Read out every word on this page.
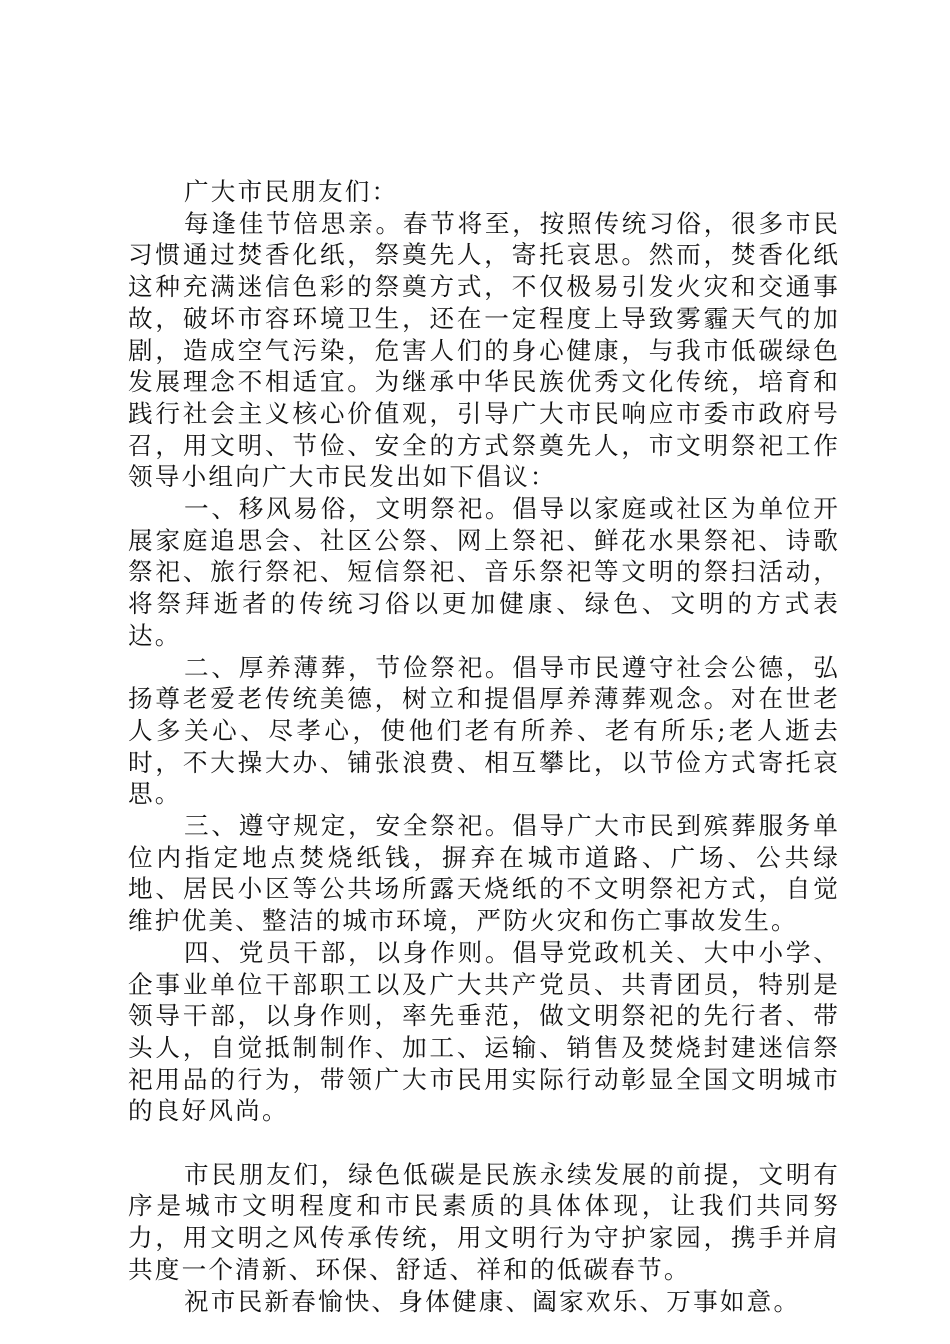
广大市民朋友们：

每逢佳节倍思亲。春节将至，按照传统习俗，很多市民习惯通过焚香化纸，祭奠先人，寄托哀思。然而，焚香化纸这种充满迷信色彩的祭奠方式，不仅极易引发火灾和交通事故，破坏市容环境卫生，还在一定程度上导致雾霾天气的加剧，造成空气污染，危害人们的身心健康，与我市低碳绿色发展理念不相适宜。为继承中华民族优秀文化传统，培育和践行社会主义核心价值观，引导广大市民响应市委市政府号召，用文明、节俭、安全的方式祭奠先人，市文明祭祀工作领导小组向广大市民发出如下倡议：

一、移风易俗，文明祭祀。倡导以家庭或社区为单位开展家庭追思会、社区公祭、网上祭祀、鲜花水果祭祀、诗歌祭祀、旅行祭祀、短信祭祀、音乐祭祀等文明的祭扫活动，将祭拜逝者的传统习俗以更加健康、绿色、文明的方式表达。

二、厚养薄葬，节俭祭祀。倡导市民遵守社会公德，弘扬尊老爱老传统美德，树立和提倡厚养薄葬观念。对在世老人多关心、尽孝心，使他们老有所养、老有所乐;老人逝去时，不大操大办、铺张浪费、相互攀比，以节俭方式寄托哀思。

三、遵守规定，安全祭祀。倡导广大市民到殡葬服务单位内指定地点焚烧纸钱，摒弃在城市道路、广场、公共绿地、居民小区等公共场所露天烧纸的不文明祭祀方式，自觉维护优美、整洁的城市环境，严防火灾和伤亡事故发生。

四、党员干部，以身作则。倡导党政机关、大中小学、企事业单位干部职工以及广大共产党员、共青团员，特别是领导干部，以身作则，率先垂范，做文明祭祀的先行者、带头人，自觉抵制制作、加工、运输、销售及焚烧封建迷信祭祀用品的行为，带领广大市民用实际行动彰显全国文明城市的良好风尚。

市民朋友们，绿色低碳是民族永续发展的前提，文明有序是城市文明程度和市民素质的具体体现，让我们共同努力，用文明之风传承传统，用文明行为守护家园，携手并肩共度一个清新、环保、舒适、祥和的低碳春节。

祝市民新春愉快、身体健康、阖家欢乐、万事如意。
